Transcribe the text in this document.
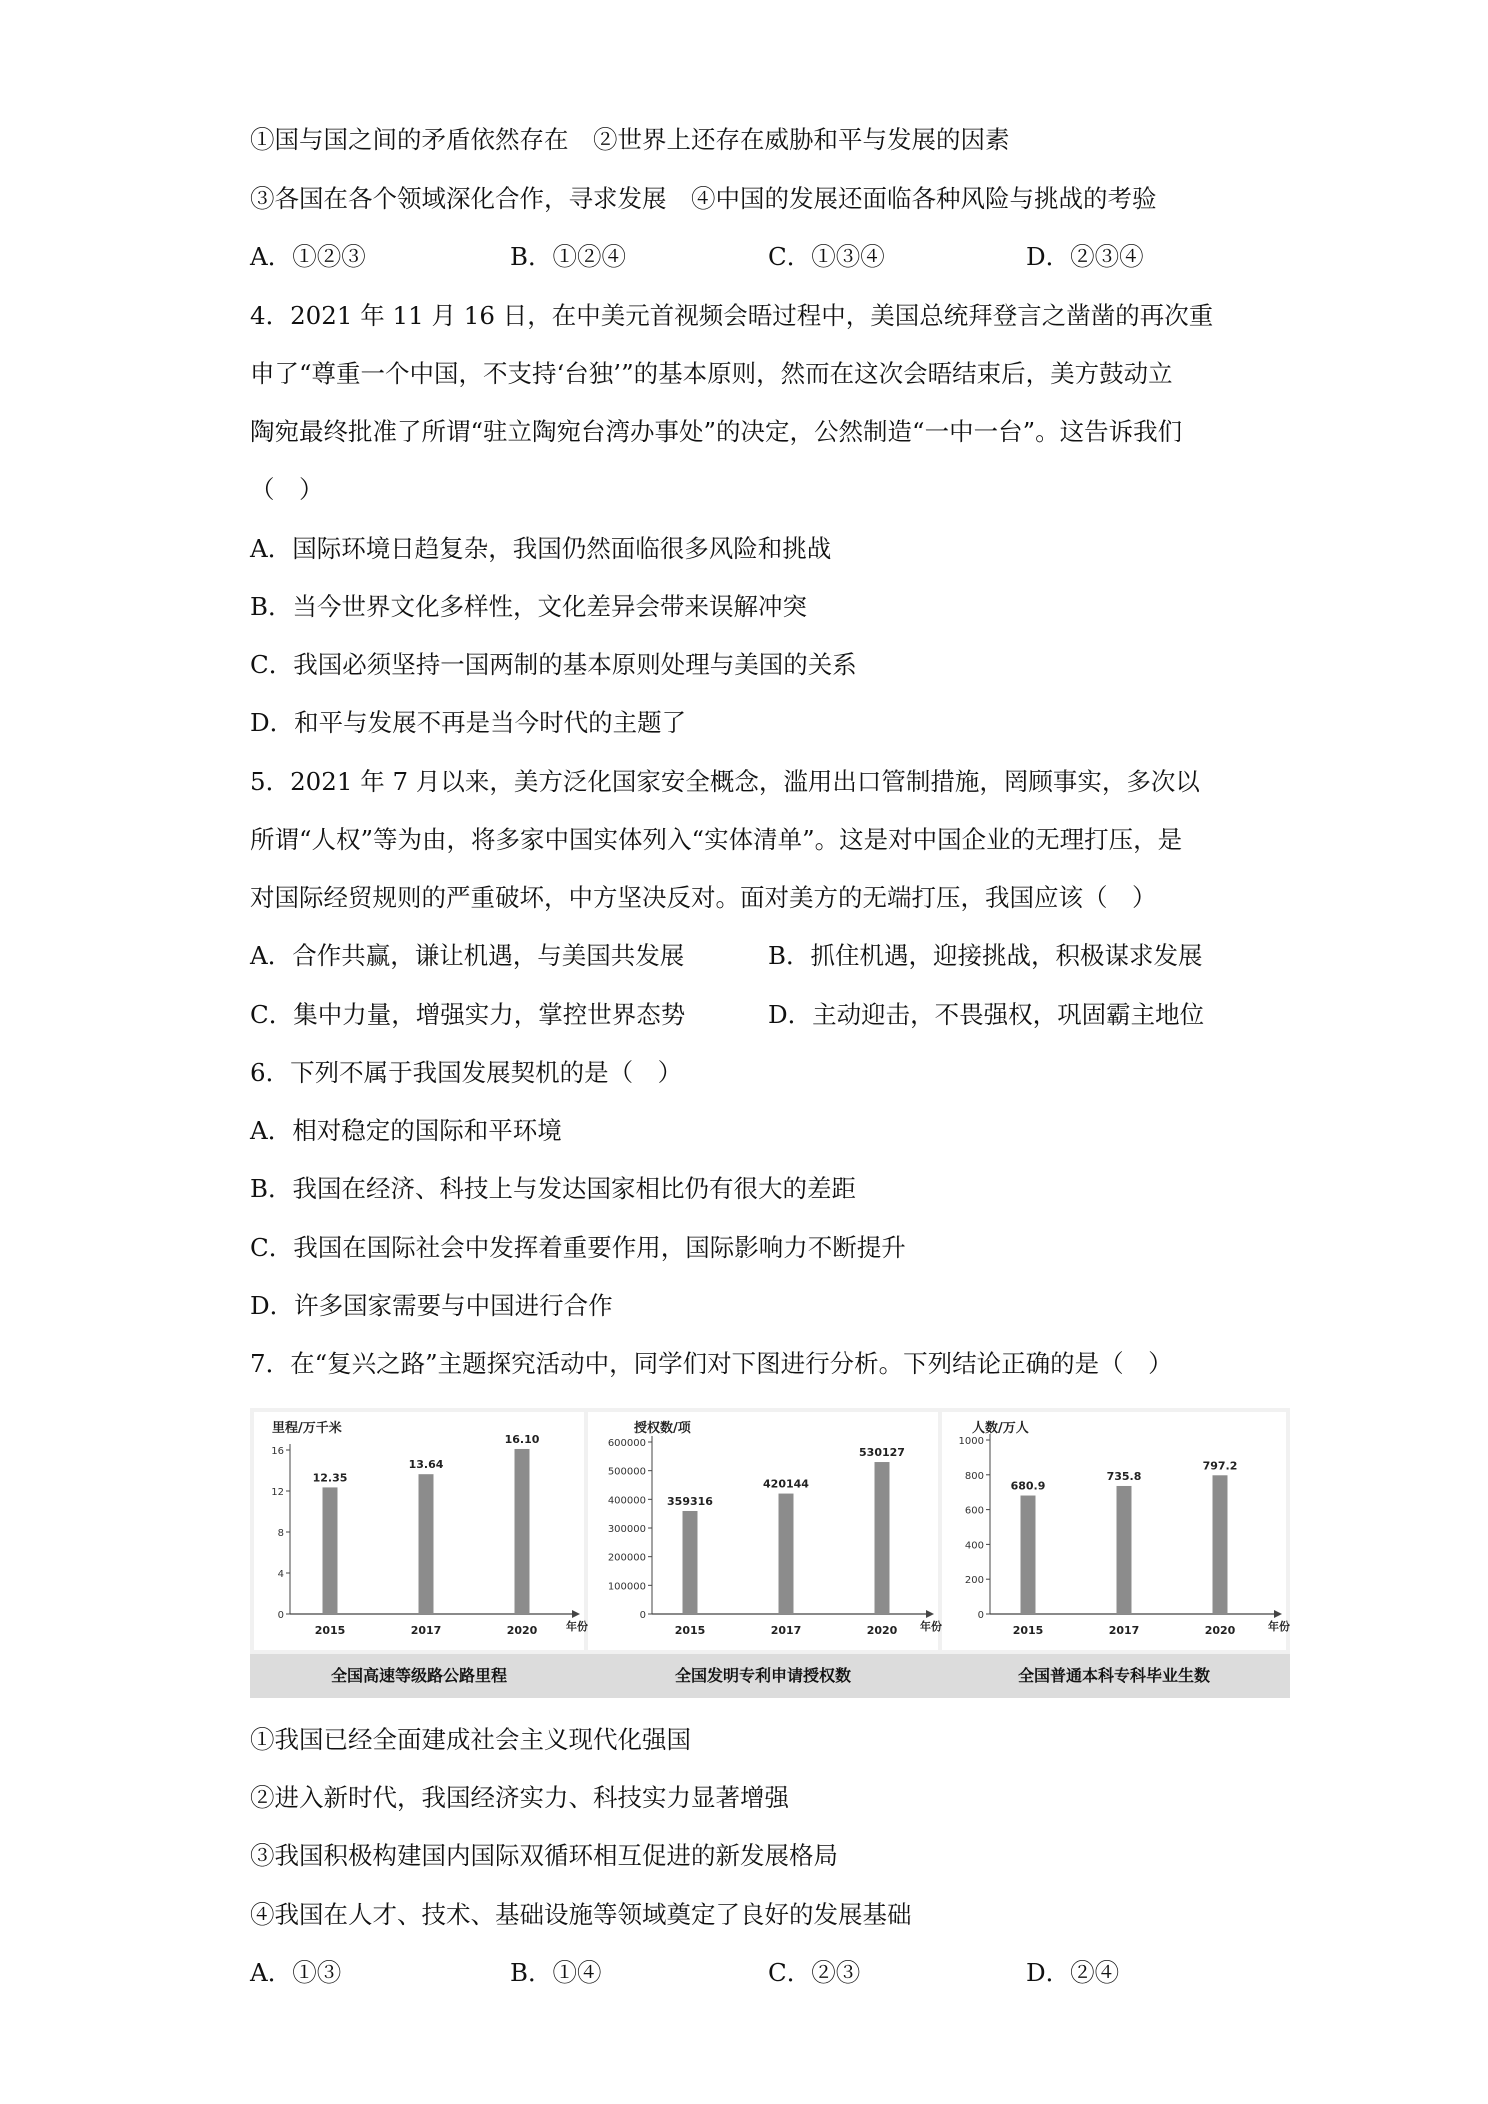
①国与国之间的矛盾依然存在　②世界上还存在威胁和平与发展的因素
③各国在各个领域深化合作，寻求发展　④中国的发展还面临各种风险与挑战的考验
A．①②③	B．①②④	C．①③④	D．②③④
4．2021 年 11 月 16 日，在中美元首视频会晤过程中，美国总统拜登言之凿凿的再次重
申了“尊重一个中国，不支持‘台独’”的基本原则，然而在这次会晤结束后，美方鼓动立
陶宛最终批准了所谓“驻立陶宛台湾办事处”的决定，公然制造“一中一台”。这告诉我们
（　）
A．国际环境日趋复杂，我国仍然面临很多风险和挑战
B．当今世界文化多样性，文化差异会带来误解冲突
C．我国必须坚持一国两制的基本原则处理与美国的关系
D．和平与发展不再是当今时代的主题了
5．2021 年 7 月以来，美方泛化国家安全概念，滥用出口管制措施，罔顾事实，多次以
所谓“人权”等为由，将多家中国实体列入“实体清单”。这是对中国企业的无理打压，是
对国际经贸规则的严重破坏，中方坚决反对。面对美方的无端打压，我国应该（　）
A．合作共赢，谦让机遇，与美国共发展	B．抓住机遇，迎接挑战，积极谋求发展
C．集中力量，增强实力，掌控世界态势	D．主动迎击，不畏强权，巩固霸主地位
6．下列不属于我国发展契机的是（　）
A．相对稳定的国际和平环境
B．我国在经济、科技上与发达国家相比仍有很大的差距
C．我国在国际社会中发挥着重要作用，国际影响力不断提升
D．许多国家需要与中国进行合作
7．在“复兴之路”主题探究活动中，同学们对下图进行分析。下列结论正确的是（　）
里程/万千米
0
4
8
12
16
年份
12.35
2015
13.64
2017
16.10
2020
授权数/项
0
100000
200000
300000
400000
500000
600000
年份
359316
2015
420144
2017
530127
2020
人数/万人
0
200
400
600
800
1000
年份
680.9
2015
735.8
2017
797.2
2020
全国高速等级路公路里程	全国发明专利申请授权数	全国普通本科专科毕业生数
①我国已经全面建成社会主义现代化强国
②进入新时代，我国经济实力、科技实力显著增强
③我国积极构建国内国际双循环相互促进的新发展格局
④我国在人才、技术、基础设施等领域奠定了良好的发展基础
A．①③	B．①④	C．②③	D．②④
